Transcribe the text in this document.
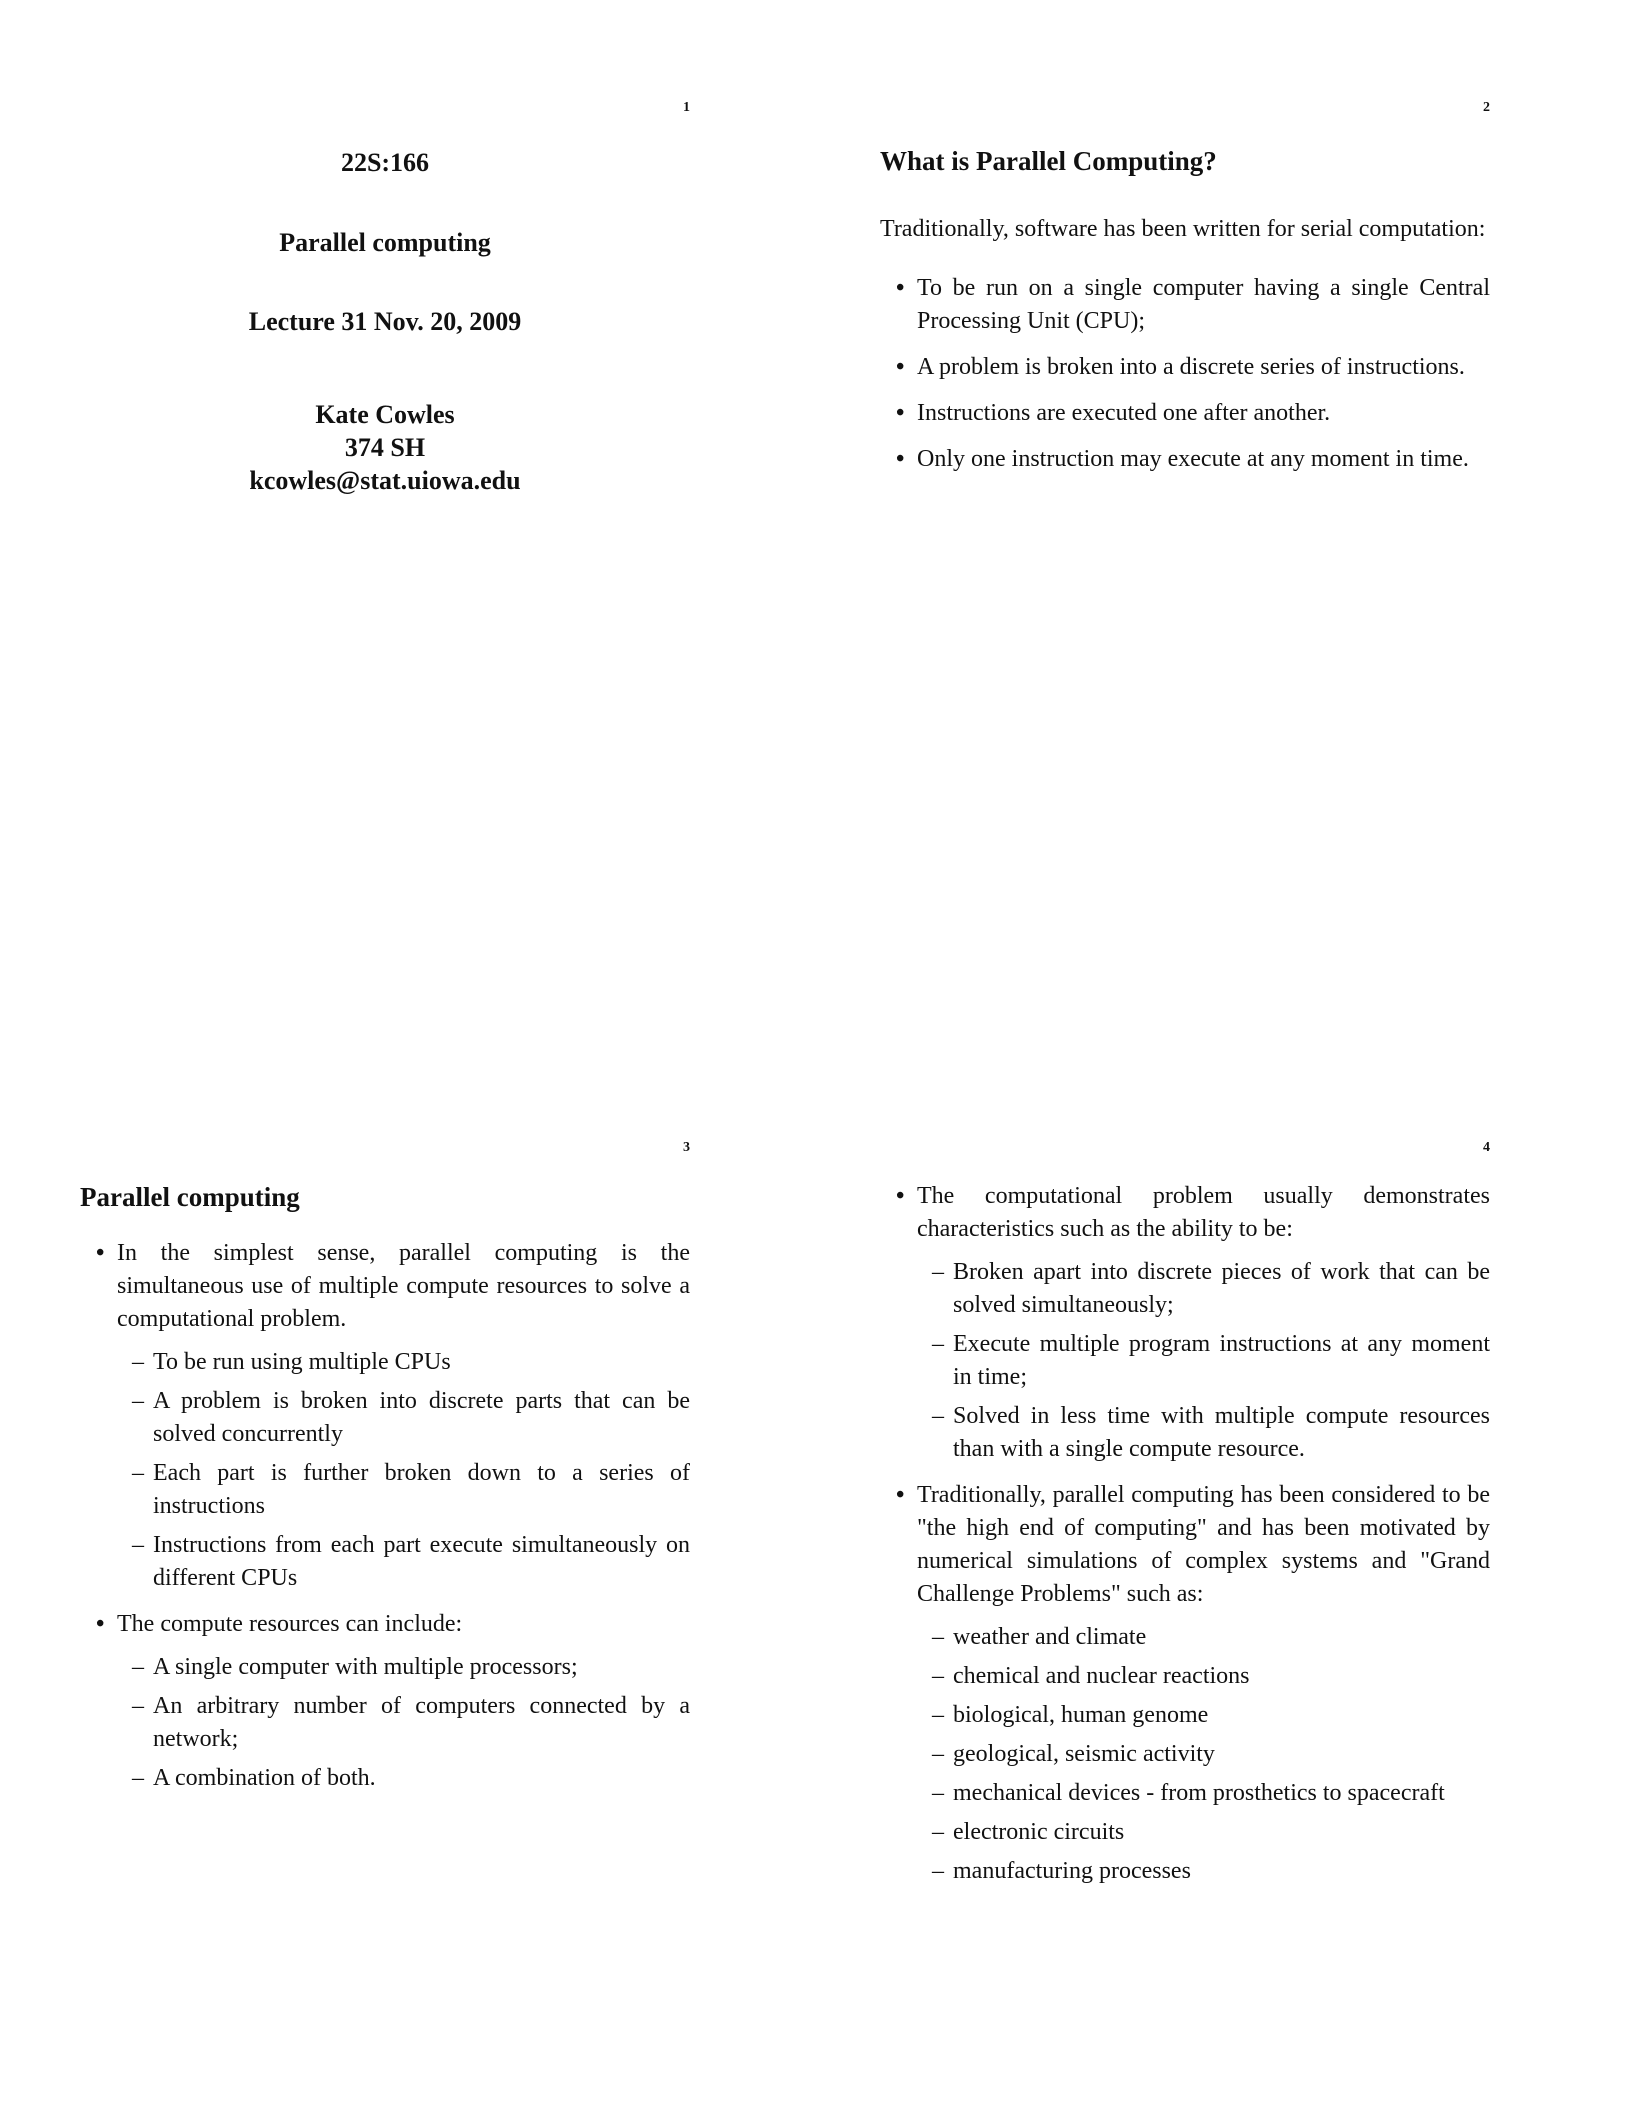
1
22S:166
Parallel computing
Lecture 31 Nov. 20, 2009
Kate Cowles
374 SH
kcowles@stat.uiowa.edu
2
What is Parallel Computing?

Traditionally, software has been written for serial computation:

• To be run on a single computer having a single Central Processing Unit (CPU);
• A problem is broken into a discrete series of instructions.
• Instructions are executed one after another.
• Only one instruction may execute at any moment in time.
3
Parallel computing
• In the simplest sense, parallel computing is the simultaneous use of multiple compute resources to solve a computational problem.
– To be run using multiple CPUs
– A problem is broken into discrete parts that can be solved concurrently
– Each part is further broken down to a series of instructions
– Instructions from each part execute simultaneously on different CPUs
• The compute resources can include:
– A single computer with multiple processors;
– An arbitrary number of computers connected by a network;
– A combination of both.
4
• The computational problem usually demonstrates characteristics such as the ability to be:
– Broken apart into discrete pieces of work that can be solved simultaneously;
– Execute multiple program instructions at any moment in time;
– Solved in less time with multiple compute resources than with a single compute resource.
• Traditionally, parallel computing has been considered to be "the high end of computing" and has been motivated by numerical simulations of complex systems and "Grand Challenge Problems" such as:
– weather and climate
– chemical and nuclear reactions
– biological, human genome
– geological, seismic activity
– mechanical devices - from prosthetics to spacecraft
– electronic circuits
– manufacturing processes
